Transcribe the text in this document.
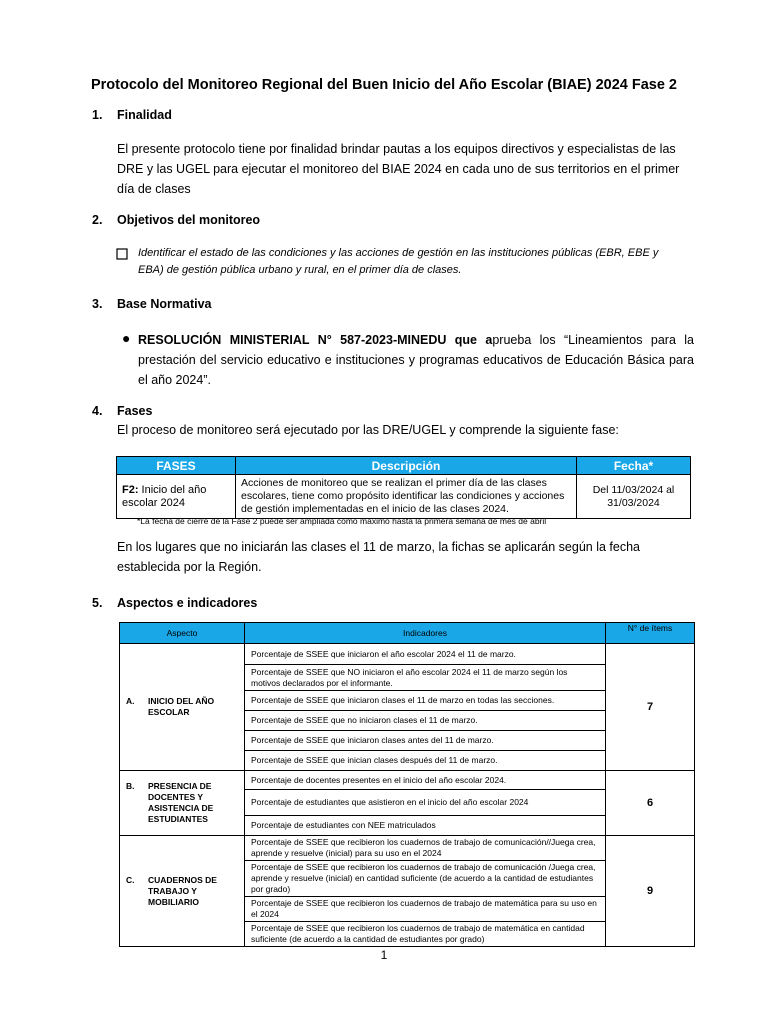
Protocolo del Monitoreo Regional del Buen Inicio del Año Escolar (BIAE) 2024 Fase 2
1. Finalidad
El presente protocolo tiene por finalidad brindar pautas a los equipos directivos y especialistas de las DRE y las UGEL para ejecutar el monitoreo del BIAE 2024 en cada uno de sus territorios en el primer día de clases
2. Objetivos del monitoreo
Identificar el estado de las condiciones y las acciones de gestión en las instituciones públicas (EBR, EBE y EBA) de gestión pública urbano y rural, en el primer día de clases.
3. Base Normativa
● RESOLUCIÓN MINISTERIAL N° 587-2023-MINEDU que aprueba los “Lineamientos para la prestación del servicio educativo e instituciones y programas educativos de Educación Básica para el año 2024”.
4. Fases
El proceso de monitoreo será ejecutado por las DRE/UGEL y comprende la siguiente fase:
FASES	Descripción	Fecha*
F2: Inicio del año escolar 2024	Acciones de monitoreo que se realizan el primer día de las clases escolares, tiene como propósito identificar las condiciones y acciones de gestión implementadas en el inicio de las clases 2024.	Del 11/03/2024 al 31/03/2024
*La fecha de cierre de la Fase 2 puede ser ampliada como máximo hasta la primera semana de mes de abril
En los lugares que no iniciarán las clases el 11 de marzo, la fichas se aplicarán según la fecha establecida por la Región.
5. Aspectos e indicadores
Aspecto	Indicadores	N° de ítems
A. INICIO DEL AÑO ESCOLAR	Porcentaje de SSEE que iniciaron el año escolar 2024 el 11 de marzo.	7
	Porcentaje de SSEE que NO iniciaron el año escolar 2024 el 11 de marzo según los motivos declarados por el informante.	
	Porcentaje de SSEE que iniciaron clases el 11 de marzo en todas las secciones.	
	Porcentaje de SSEE que no iniciaron clases el 11 de marzo.	
	Porcentaje de SSEE que iniciaron clases antes del 11 de marzo.	
	Porcentaje de SSEE que inician clases después del 11 de marzo.	
B. PRESENCIA DE DOCENTES Y ASISTENCIA DE ESTUDIANTES	Porcentaje de docentes presentes en el inicio del año escolar 2024.	6
	Porcentaje de estudiantes que asistieron en el inicio del año escolar 2024	
	Porcentaje de estudiantes con NEE matriculados	
C. CUADERNOS DE TRABAJO Y MOBILIARIO	Porcentaje de SSEE que recibieron los cuadernos de trabajo de comunicación//Juega crea, aprende y resuelve (inicial) para su uso en el 2024	9
	Porcentaje de SSEE que recibieron los cuadernos de trabajo de comunicación /Juega crea, aprende y resuelve (inicial) en cantidad suficiente (de acuerdo a la cantidad de estudiantes por grado)	
	Porcentaje de SSEE que recibieron los cuadernos de trabajo de matemática para su uso en el 2024	
	Porcentaje de SSEE que recibieron los cuadernos de trabajo de matemática en cantidad suficiente (de acuerdo a la cantidad de estudiantes por grado)	
1
